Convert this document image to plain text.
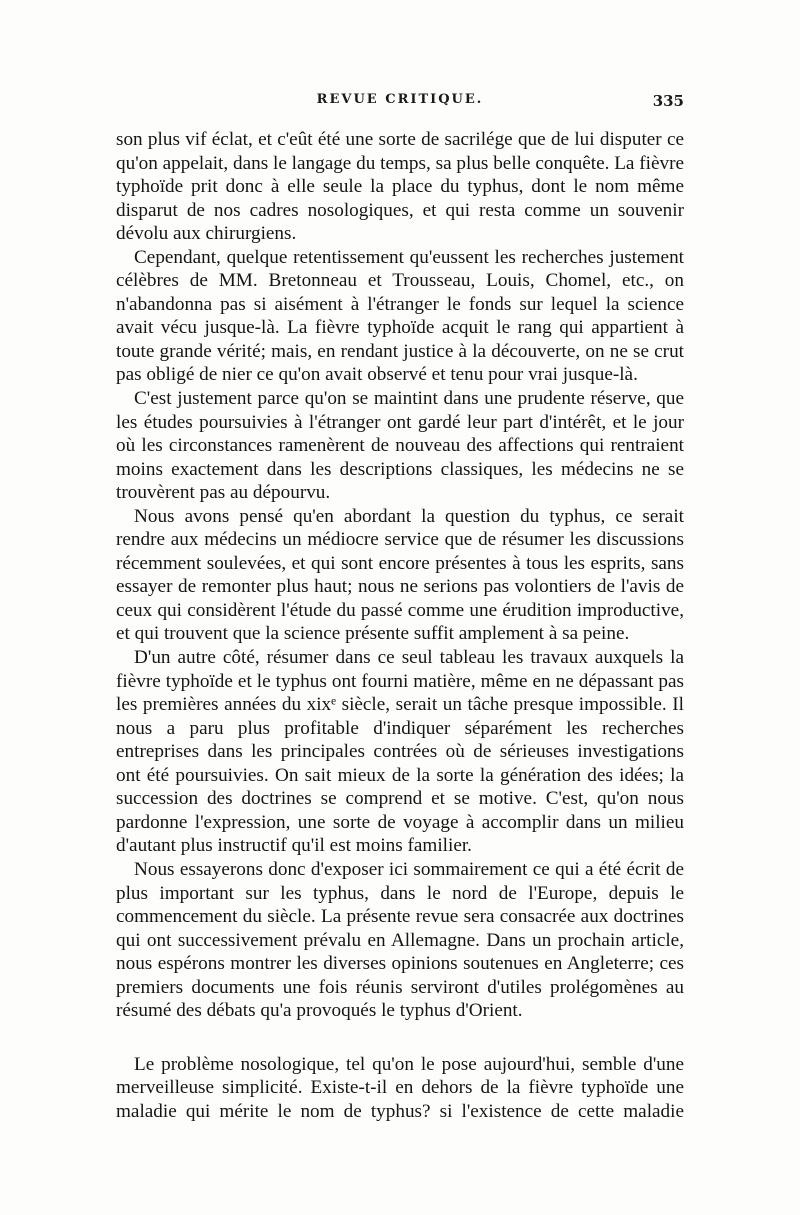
REVUE CRITIQUE.	335

son plus vif éclat, et c'eût été une sorte de sacrilége que de lui disputer ce qu'on appelait, dans le langage du temps, sa plus belle conquête. La fièvre typhoïde prit donc à elle seule la place du typhus, dont le nom même disparut de nos cadres nosologiques, et qui resta comme un souvenir dévolu aux chirurgiens.

Cependant, quelque retentissement qu'eussent les recherches justement célèbres de MM. Bretonneau et Trousseau, Louis, Chomel, etc., on n'abandonna pas si aisément à l'étranger le fonds sur lequel la science avait vécu jusque-là. La fièvre typhoïde acquit le rang qui appartient à toute grande vérité; mais, en rendant justice à la découverte, on ne se crut pas obligé de nier ce qu'on avait observé et tenu pour vrai jusque-là.

C'est justement parce qu'on se maintint dans une prudente réserve, que les études poursuivies à l'étranger ont gardé leur part d'intérêt, et le jour où les circonstances ramenèrent de nouveau des affections qui rentraient moins exactement dans les descriptions classiques, les médecins ne se trouvèrent pas au dépourvu.

Nous avons pensé qu'en abordant la question du typhus, ce serait rendre aux médecins un médiocre service que de résumer les discussions récemment soulevées, et qui sont encore présentes à tous les esprits, sans essayer de remonter plus haut; nous ne serions pas volontiers de l'avis de ceux qui considèrent l'étude du passé comme une érudition improductive, et qui trouvent que la science présente suffit amplement à sa peine.

D'un autre côté, résumer dans ce seul tableau les travaux auxquels la fièvre typhoïde et le typhus ont fourni matière, même en ne dépassant pas les premières années du xixᵉ siècle, serait un tâche presque impossible. Il nous a paru plus profitable d'indiquer séparément les recherches entreprises dans les principales contrées où de sérieuses investigations ont été poursuivies. On sait mieux de la sorte la génération des idées; la succession des doctrines se comprend et se motive. C'est, qu'on nous pardonne l'expression, une sorte de voyage à accomplir dans un milieu d'autant plus instructif qu'il est moins familier.

Nous essayerons donc d'exposer ici sommairement ce qui a été écrit de plus important sur les typhus, dans le nord de l'Europe, depuis le commencement du siècle. La présente revue sera consacrée aux doctrines qui ont successivement prévalu en Allemagne. Dans un prochain article, nous espérons montrer les diverses opinions soutenues en Angleterre; ces premiers documents une fois réunis serviront d'utiles prolégomènes au résumé des débats qu'a provoqués le typhus d'Orient.

Le problème nosologique, tel qu'on le pose aujourd'hui, semble d'une merveilleuse simplicité. Existe-t-il en dehors de la fièvre typhoïde une maladie qui mérite le nom de typhus? si l'existence de cette maladie
